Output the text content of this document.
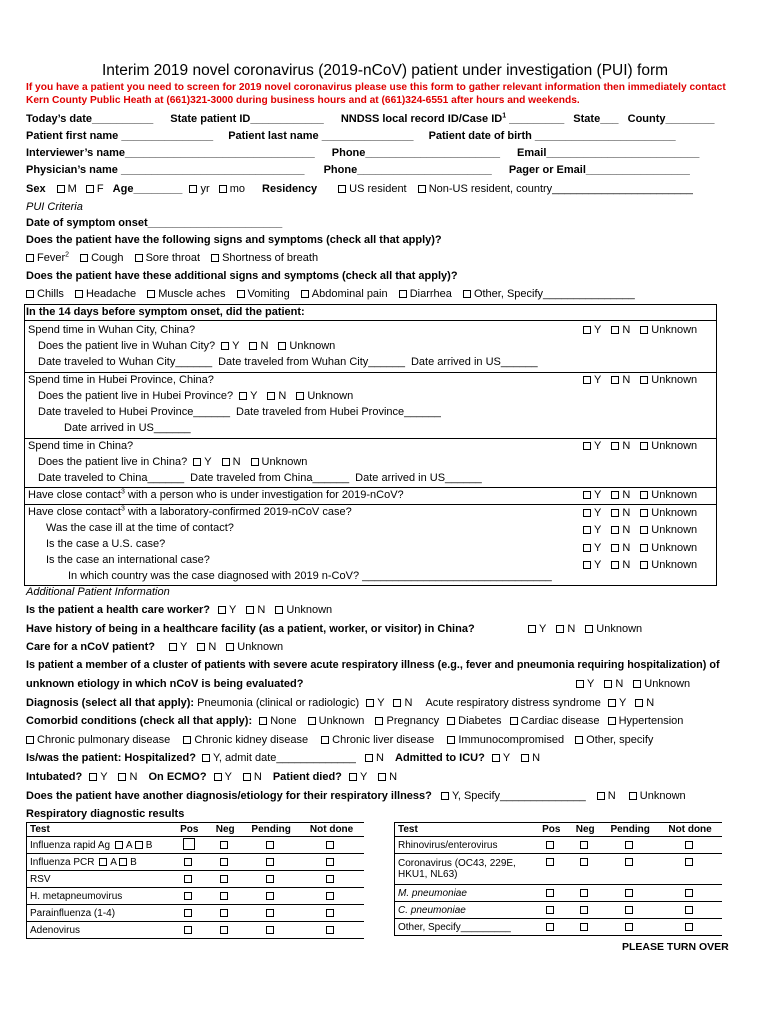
Interim 2019 novel coronavirus (2019-nCoV) patient under investigation (PUI) form
If you have a patient you need to screen for 2019 novel coronavirus please use this form to gather relevant information then immediately contact Kern County Public Heath at (661)321-3000 during business hours and at (661)324-6551 after hours and weekends.
Today’s date__________ State patient ID____________ NNDSS local record ID/Case $ID^1$ _________ State___ County________
Patient first name _______________ Patient last name _______________ Patient date of birth _______________________
Interviewer’s name_______________________________ Phone______________________ Email_________________________
Physician’s name ______________________________ Phone______________________ Pager or Email_________________
Sex M F Age________ yr mo Residency	US resident Non-US resident, country_______________________
PUI Criteria
Date of symptom onset______________________
Does the patient have the following signs and symptoms (check all that apply)?
Fever$^2$ Cough Sore throat Shortness of breath
Does the patient have these additional signs and symptoms (check all that apply)?
Chills Headache Muscle aches Vomiting Abdominal pain Diarrhea Other, Specify_______________
In the 14 days before symptom onset, did the patient:
Spend time in Wuhan City, China?	Y N Unknown
Does the patient live in Wuhan City? Y N Unknown
Date traveled to Wuhan City______ Date traveled from Wuhan City______ Date arrived in US______
Spend time in Hubei Province, China?	Y N Unknown
Does the patient live in Hubei Province? Y N Unknown
Date traveled to Hubei Province______ Date traveled from Hubei Province______
Date arrived in US______
Spend time in China?	Y N Unknown
Does the patient live in China? Y N Unknown
Date traveled to China______ Date traveled from China______ Date arrived in US______
Have close contact$^3$ with a person who is under investigation for 2019-nCoV?	Y N Unknown
Have close contact$^3$ with a laboratory-confirmed 2019-nCoV case?	Y N Unknown
Was the case ill at the time of contact?	Y N Unknown
Is the case a U.S. case?	Y N Unknown
Is the case an international case?	Y N Unknown
In which country was the case diagnosed with 2019 n-CoV? _______________________________
Additional Patient Information
Is the patient a health care worker? Y N Unknown
Have history of being in a healthcare facility (as a patient, worker, or visitor) in China?	Y N Unknown
Care for a nCoV patient? Y N Unknown
Is patient a member of a cluster of patients with severe acute respiratory illness (e.g., fever and pneumonia requiring hospitalization) of
unknown etiology in which nCoV is being evaluated?	Y N Unknown
Diagnosis (select all that apply): Pneumonia (clinical or radiologic) Y N Acute respiratory distress syndrome Y N
Comorbid conditions (check all that apply): None Unknown Pregnancy Diabetes Cardiac disease Hypertension
Chronic pulmonary disease Chronic kidney disease Chronic liver disease Immunocompromised Other, specify
Is/was the patient: Hospitalized? Y, admit date_____________ N Admitted to ICU? Y N
Intubated? Y N On ECMO? Y N Patient died? Y N
Does the patient have another diagnosis/etiology for their respiratory illness? Y, Specify______________ N Unknown
Respiratory diagnostic results
Test	Pos	Neg	Pending	Not done
Influenza rapid Ag A B				
Influenza PCR A B				
RSV				
H. metapneumovirus				
Parainfluenza (1-4)				
Adenovirus				
Test	Pos	Neg	Pending	Not done
Rhinovirus/enterovirus				
Coronavirus (OC43, 229E, HKU1, NL63)				
M. pneumoniae				
C. pneumoniae				
Other, Specify_________				
PLEASE TURN OVER
